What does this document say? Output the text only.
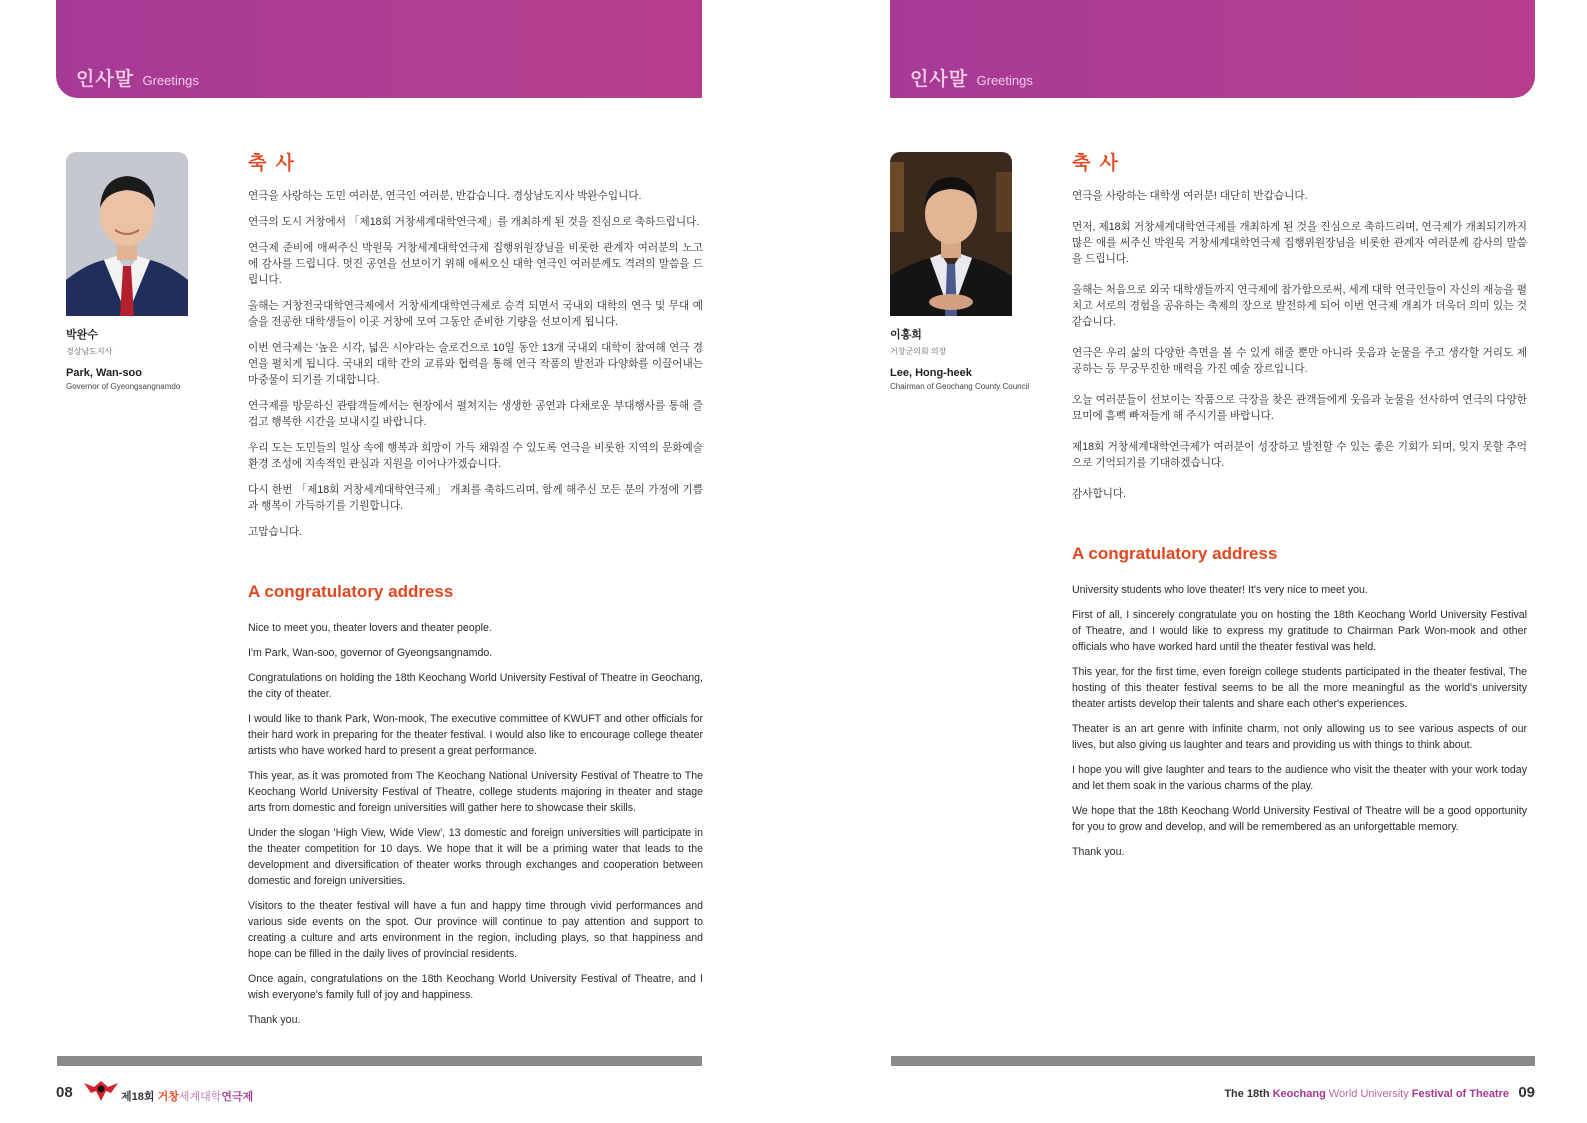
인사말 Greetings
박완수
경상남도지사
Park, Wan-soo
Governor of Gyeongsangnamdo
축 사

연극을 사랑하는 도민 여러분, 연극인 여러분, 반갑습니다. 경상남도지사 박완수입니다.

연극의 도시 거창에서 「제18회 거창세계대학연극제」를 개최하게 된 것을 진심으로 축하드립니다.

연극제 준비에 애써주신 박원묵 거창세계대학연극제 집행위원장님을 비롯한 관계자 여러분의 노고에 감사를 드립니다. 멋진 공연을 선보이기 위해 애써오신 대학 연극인 여러분께도 격려의 말씀을 드립니다.

올해는 거창전국대학연극제에서 거창세계대학연극제로 승격 되면서 국내외 대학의 연극 및 무대 예술을 전공한 대학생들이 이곳 거창에 모여 그동안 준비한 기량을 선보이게 됩니다.

이번 연극제는 '높은 시각, 넓은 시야'라는 슬로건으로 10일 동안 13개 국내외 대학이 참여해 연극 경연을 펼치게 됩니다. 국내외 대학 간의 교류와 협력을 통해 연극 작품의 발전과 다양화를 이끌어내는 마중물이 되기를 기대합니다.

연극제를 방문하신 관람객들께서는 현장에서 펼쳐지는 생생한 공연과 다채로운 부대행사를 통해 즐겁고 행복한 시간을 보내시길 바랍니다.

우리 도는 도민들의 일상 속에 행복과 희망이 가득 채워질 수 있도록 연극을 비롯한 지역의 문화예술 환경 조성에 지속적인 관심과 지원을 이어나가겠습니다.

다시 한번 「제18회 거창세계대학연극제」 개최를 축하드리며, 함께 해주신 모든 분의 가정에 기쁨과 행복이 가득하기를 기원합니다.

고맙습니다.

A congratulatory address

Nice to meet you, theater lovers and theater people.

I'm Park, Wan-soo, governor of Gyeongsangnamdo.

Congratulations on holding the 18th Keochang World University Festival of Theatre in Geochang, the city of theater.

I would like to thank Park, Won-mook, The executive committee of KWUFT and other officials for their hard work in preparing for the theater festival. I would also like to encourage college theater artists who have worked hard to present a great performance.

This year, as it was promoted from The Keochang National University Festival of Theatre to The Keochang World University Festival of Theatre, college students majoring in theater and stage arts from domestic and foreign universities will gather here to showcase their skills.

Under the slogan 'High View, Wide View', 13 domestic and foreign universities will participate in the theater competition for 10 days. We hope that it will be a priming water that leads to the development and diversification of theater works through exchanges and cooperation between domestic and foreign universities.

Visitors to the theater festival will have a fun and happy time through vivid performances and various side events on the spot. Our province will continue to pay attention and support to creating a culture and arts environment in the region, including plays, so that happiness and hope can be filled in the daily lives of provincial residents.

Once again, congratulations on the 18th Keochang World University Festival of Theatre, and I wish everyone's family full of joy and happiness.

Thank you.

08	제18회 거창세계대학연극제
인사말 Greetings
이홍희
거창군의회 의장
Lee, Hong-heek
Chairman of Geochang County Council
축 사

연극을 사랑하는 대학생 여러분! 대단히 반갑습니다.

먼저, 제18회 거창세계대학연극제를 개최하게 된 것을 진심으로 축하드리며, 연극제가 개최되기까지 많은 애를 써주신 박원묵 거창세계대학연극제 집행위원장님을 비롯한 관계자 여러분께 감사의 말씀을 드립니다.

올해는 처음으로 외국 대학생들까지 연극제에 참가함으로써, 세계 대학 연극인들이 자신의 재능을 펼치고 서로의 경험을 공유하는 축제의 장으로 발전하게 되어 이번 연극제 개최가 더욱더 의미 있는 것 같습니다.

연극은 우리 삶의 다양한 측면을 볼 수 있게 해줄 뿐만 아니라 웃음과 눈물을 주고 생각할 거리도 제공하는 등 무궁무진한 매력을 가진 예술 장르입니다.

오늘 여러분들이 선보이는 작품으로 극장을 찾은 관객들에게 웃음과 눈물을 선사하여 연극의 다양한 묘미에 흠뻑 빠져들게 해 주시기를 바랍니다.

제18회 거창세계대학연극제가 여러분이 성장하고 발전할 수 있는 좋은 기회가 되며, 잊지 못할 추억으로 기억되기를 기대하겠습니다.

감사합니다.

A congratulatory address

University students who love theater! It's very nice to meet you.

First of all, I sincerely congratulate you on hosting the 18th Keochang World University Festival of Theatre, and I would like to express my gratitude to Chairman Park Won-mook and other officials who have worked hard until the theater festival was held.

This year, for the first time, even foreign college students participated in the theater festival, The hosting of this theater festival seems to be all the more meaningful as the world's university theater artists develop their talents and share each other's experiences.

Theater is an art genre with infinite charm, not only allowing us to see various aspects of our lives, but also giving us laughter and tears and providing us with things to think about.

I hope you will give laughter and tears to the audience who visit the theater with your work today and let them soak in the various charms of the play.

We hope that the 18th Keochang World University Festival of Theatre will be a good opportunity for you to grow and develop, and will be remembered as an unforgettable memory.

Thank you.

The 18th Keochang World University Festival of Theatre 09
